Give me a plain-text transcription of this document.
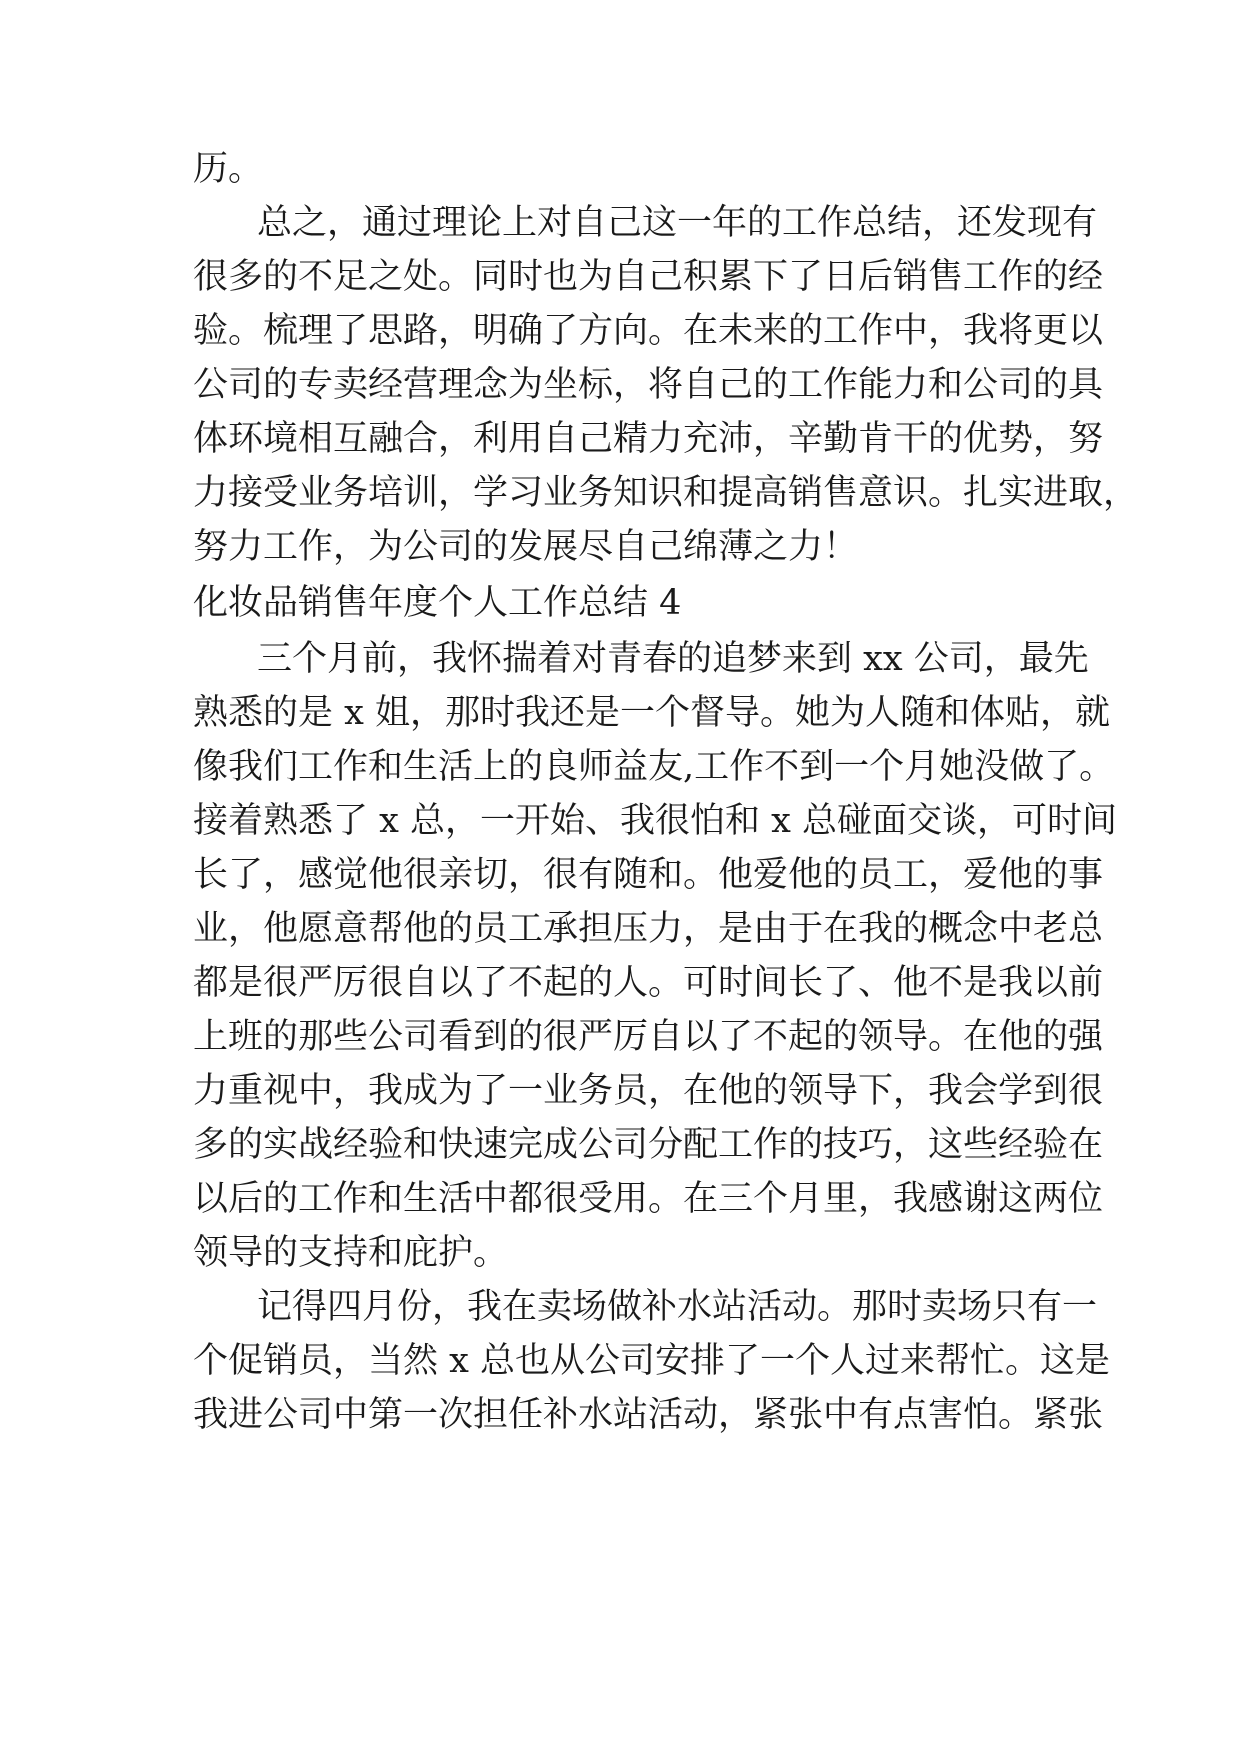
历。
总之，通过理论上对自己这一年的工作总结，还发现有
很多的不足之处。同时也为自己积累下了日后销售工作的经
验。梳理了思路，明确了方向。在未来的工作中，我将更以
公司的专卖经营理念为坐标，将自己的工作能力和公司的具
体环境相互融合，利用自己精力充沛，辛勤肯干的优势，努
力接受业务培训，学习业务知识和提高销售意识。扎实进取，
努力工作，为公司的发展尽自己绵薄之力！
化妆品销售年度个人工作总结 4
三个月前，我怀揣着对青春的追梦来到 xx 公司，最先
熟悉的是 x 姐，那时我还是一个督导。她为人随和体贴，就
像我们工作和生活上的良师益友,工作不到一个月她没做了。
接着熟悉了 x 总，一开始、我很怕和 x 总碰面交谈，可时间
长了，感觉他很亲切，很有随和。他爱他的员工，爱他的事
业，他愿意帮他的员工承担压力，是由于在我的概念中老总
都是很严厉很自以了不起的人。可时间长了、他不是我以前
上班的那些公司看到的很严厉自以了不起的领导。在他的强
力重视中，我成为了一业务员，在他的领导下，我会学到很
多的实战经验和快速完成公司分配工作的技巧，这些经验在
以后的工作和生活中都很受用。在三个月里，我感谢这两位
领导的支持和庇护。
记得四月份，我在卖场做补水站活动。那时卖场只有一
个促销员，当然 x 总也从公司安排了一个人过来帮忙。这是
我进公司中第一次担任补水站活动，紧张中有点害怕。紧张
